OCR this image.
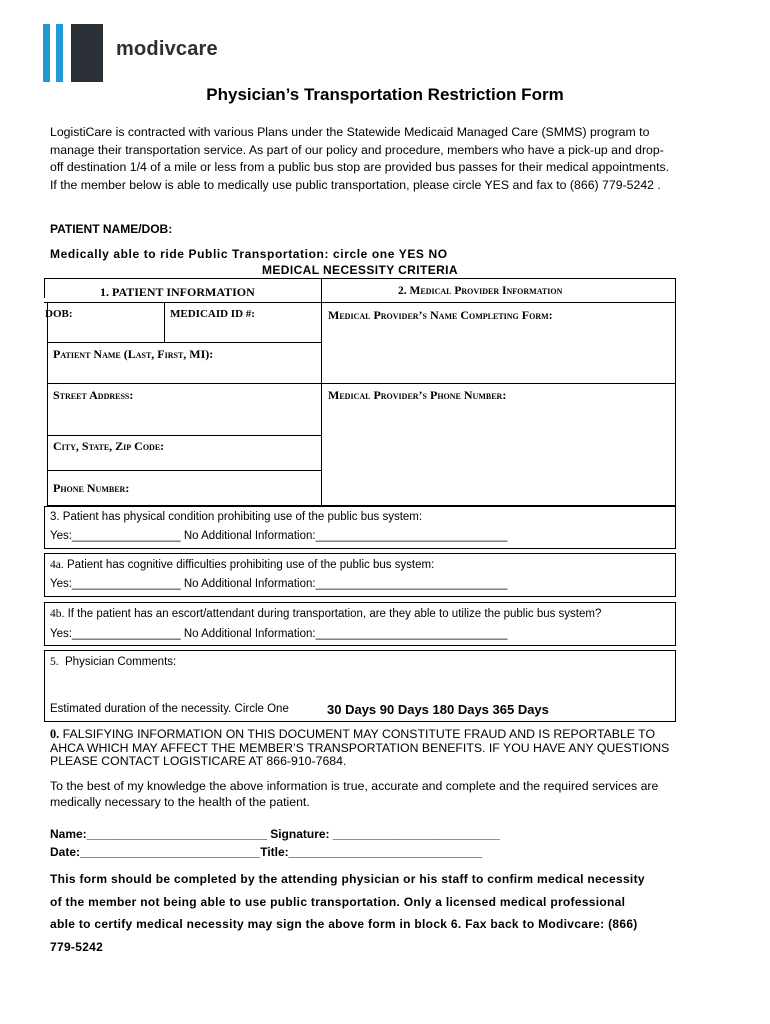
modivcare
Physician’s Transportation Restriction Form
LogistiCare is contracted with various Plans under the Statewide Medicaid Managed Care (SMMS) program to manage their transportation service. As part of our policy and procedure, members who have a pick-up and drop-off destination 1/4 of a mile or less from a public bus stop are provided bus passes for their medical appointments. If the member below is able to medically use public transportation, please circle YES and fax to (866) 779-5242 .
PATIENT NAME/DOB:
Medically able to ride Public Transportation: circle one YES NO
MEDICAL NECESSITY CRITERIA
1. PATIENT INFORMATION	2. Medical Provider Information
DOB:	MEDICAID ID #:	Medical Provider’s Name Completing Form:
Patient Name (Last, First, MI):
Street Address:	Medical Provider’s Phone Number:
City, State, Zip Code:
Phone Number:
3. Patient has physical condition prohibiting use of the public bus system:
Yes:_________________ No Additional Information:______________________________
4a. Patient has cognitive difficulties prohibiting use of the public bus system:
Yes:_________________ No Additional Information:______________________________
4b. If the patient has an escort/attendant during transportation, are they able to utilize the public bus system?
Yes:_________________ No Additional Information:______________________________
5. Physician Comments:
Estimated duration of the necessity. Circle One	30 Days 90 Days 180 Days 365 Days
0. FALSIFYING INFORMATION ON THIS DOCUMENT MAY CONSTITUTE FRAUD AND IS REPORTABLE TO AHCA WHICH MAY AFFECT THE MEMBER’S TRANSPORTATION BENEFITS. IF YOU HAVE ANY QUESTIONS PLEASE CONTACT LOGISTICARE AT 866-910-7684.
To the best of my knowledge the above information is true, accurate and complete and the required services are medically necessary to the health of the patient.
Name:___________________________ Signature: _________________________
Date:___________________________Title:_____________________________
This form should be completed by the attending physician or his staff to confirm medical necessity of the member not being able to use public transportation. Only a licensed medical professional able to certify medical necessity may sign the above form in block 6. Fax back to Modivcare: (866) 779-5242
